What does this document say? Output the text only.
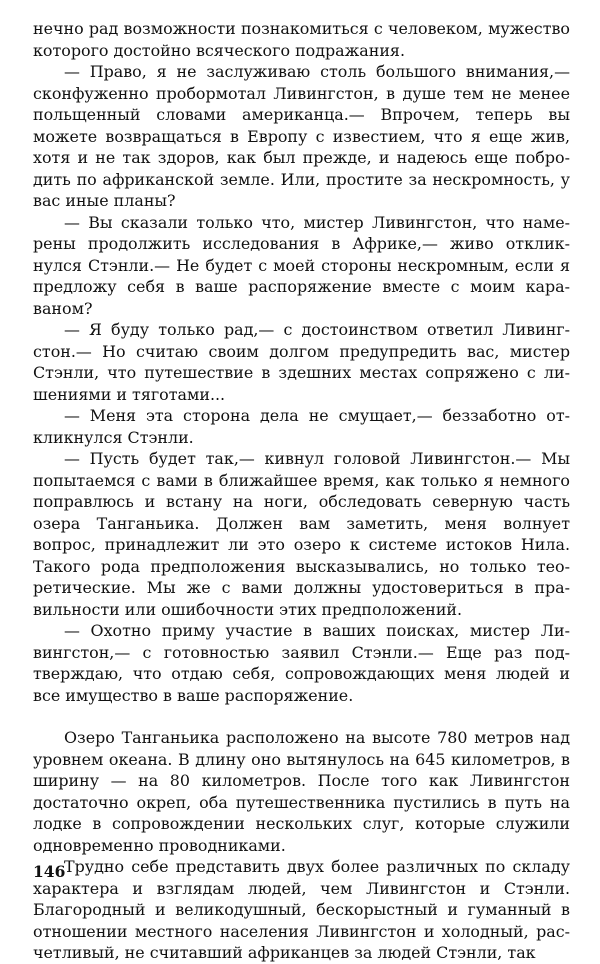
нечно рад возможности познакомиться с человеком, мужество которого достойно всяческого подражания.

— Право, я не заслуживаю столь большого внимания,— сконфуженно пробормотал Ливингстон, в душе тем не менее польщенный словами американца.— Впрочем, теперь вы можете возвращаться в Европу с известием, что я еще жив, хотя и не так здоров, как был прежде, и надеюсь еще побродить по африканской земле. Или, простите за нескромность, у вас иные планы?

— Вы сказали только что, мистер Ливингстон, что намерены продолжить исследования в Африке,— живо откликнулся Стэнли.— Не будет с моей стороны нескромным, если я предложу себя в ваше распоряжение вместе с моим караваном?

— Я буду только рад,— с достоинством ответил Ливингстон.— Но считаю своим долгом предупредить вас, мистер Стэнли, что путешествие в здешних местах сопряжено с лишениями и тяготами...

— Меня эта сторона дела не смущает,— беззаботно откликнулся Стэнли.

— Пусть будет так,— кивнул головой Ливингстон.— Мы попытаемся с вами в ближайшее время, как только я немного поправлюсь и встану на ноги, обследовать северную часть озера Танганьика. Должен вам заметить, меня волнует вопрос, принадлежит ли это озеро к системе истоков Нила. Такого рода предположения высказывались, но только теоретические. Мы же с вами должны удостовериться в правильности или ошибочности этих предположений.

— Охотно приму участие в ваших поисках, мистер Ливингстон,— с готовностью заявил Стэнли.— Еще раз подтверждаю, что отдаю себя, сопровождающих меня людей и все имущество в ваше распоряжение.

Озеро Танганьика расположено на высоте 780 метров над уровнем океана. В длину оно вытянулось на 645 километров, в ширину — на 80 километров. После того как Ливингстон достаточно окреп, оба путешественника пустились в путь на лодке в сопровождении нескольких слуг, которые служили одновременно проводниками.

Трудно себе представить двух более различных по складу характера и взглядам людей, чем Ливингстон и Стэнли. Благородный и великодушный, бескорыстный и гуманный в отношении местного населения Ливингстон и холодный, расчетливый, не считавший африканцев за людей Стэнли, так

146
